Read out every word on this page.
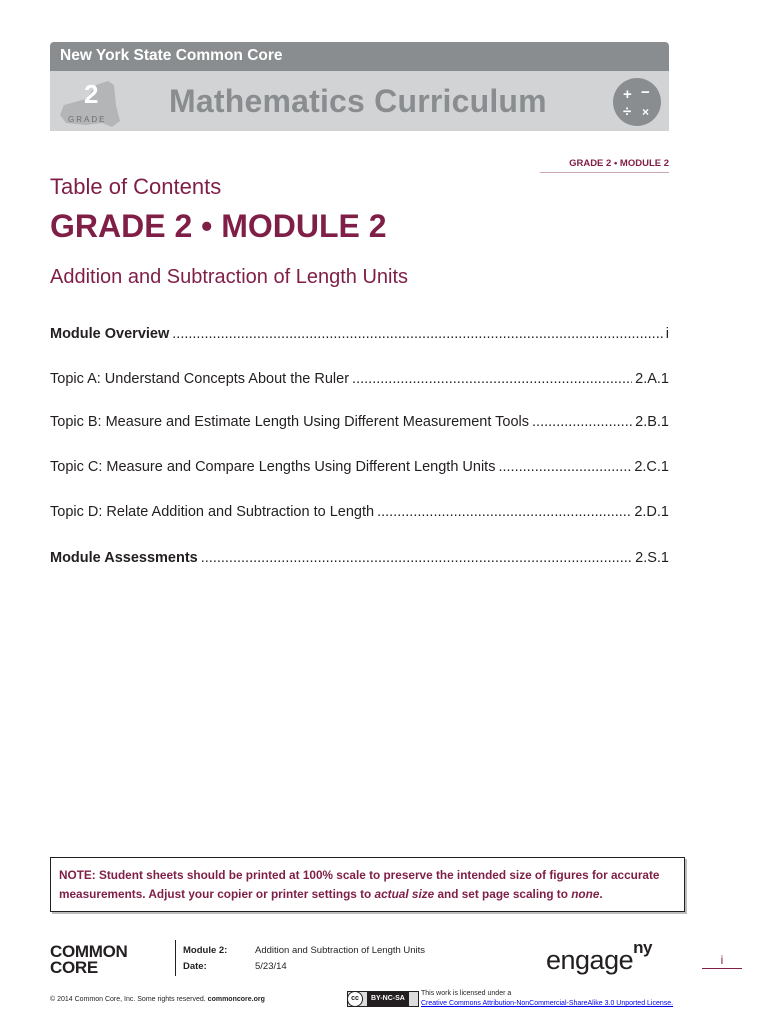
New York State Common Core
2
GRADE
Mathematics Curriculum	+ −
÷ ×
GRADE 2 • MODULE 2
Table of Contents
GRADE 2 • MODULE 2
Addition and Subtraction of Length Units
Module Overview .....	i
Topic A: Understand Concepts About the Ruler .....	2.A.1
Topic B: Measure and Estimate Length Using Different Measurement Tools .....	2.B.1
Topic C: Measure and Compare Lengths Using Different Length Units .....	2.C.1
Topic D: Relate Addition and Subtraction to Length .....	2.D.1
Module Assessments .....	2.S.1
NOTE: Student sheets should be printed at 100% scale to preserve the intended size of figures for accurate measurements. Adjust your copier or printer settings to actual size and set page scaling to none.
COMMON
CORE
Module 2:	Addition and Subtraction of Length Units
Date:	5/23/14	engage$^{ny}$
i
© 2014 Common Core, Inc. Some rights reserved. commoncore.org	cc	BY-NC-SA
This work is licensed under a
Creative Commons Attribution-NonCommercial-ShareAlike 3.0 Unported License.
